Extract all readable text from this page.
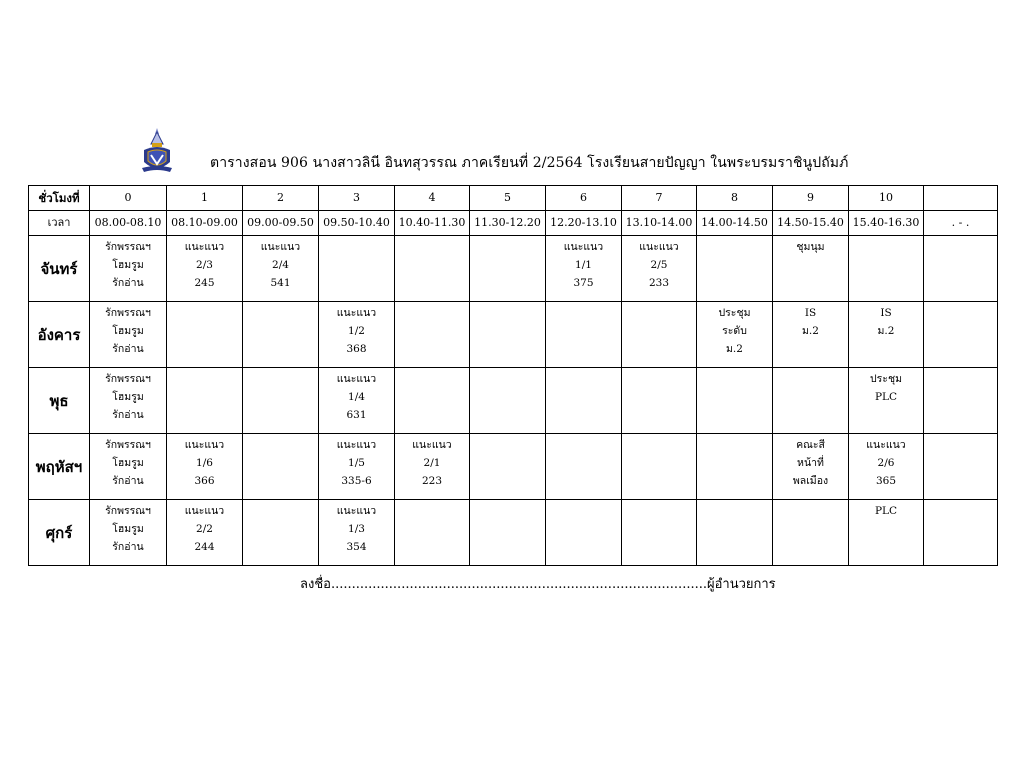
ตารางสอน 906 นางสาวลินี อินทสุวรรณ ภาคเรียนที่ 2/2564 โรงเรียนสายปัญญา ในพระบรมราชินูปถัมภ์
ชั่วโมงที่	0	1	2	3	4	5	6	7	8	9	10	
เวลา	08.00-08.10	08.10-09.00	09.00-09.50	09.50-10.40	10.40-11.30	11.30-12.20	12.20-13.10	13.10-14.00	14.00-14.50	14.50-15.40	15.40-16.30	. - .
จันทร์	รักพรรณฯ
โฮมรูม
รักอ่าน	แนะแนว
2/3
245	แนะแนว
2/4
541				แนะแนว
1/1
375	แนะแนว
2/5
233		ชุมนุม		

อังคาร	รักพรรณฯ
โฮมรูม
รักอ่าน			แนะแนว
1/2
368					ประชุม
ระดับ
ม.2	IS
ม.2	IS
ม.2	

พุธ	รักพรรณฯ
โฮมรูม
รักอ่าน			แนะแนว
1/4
631							ประชุม
PLC	

พฤหัสฯ	รักพรรณฯ
โฮมรูม
รักอ่าน	แนะแนว
1/6
366		แนะแนว
1/5
335-6	แนะแนว
2/1
223					คณะสี
หน้าที่
พลเมือง	แนะแนว
2/6
365	

ศุกร์	รักพรรณฯ
โฮมรูม
รักอ่าน	แนะแนว
2/2
244		แนะแนว
1/3
354							PLC	

ลงชื่อ...........................................................................................ผู้อำนวยการ
